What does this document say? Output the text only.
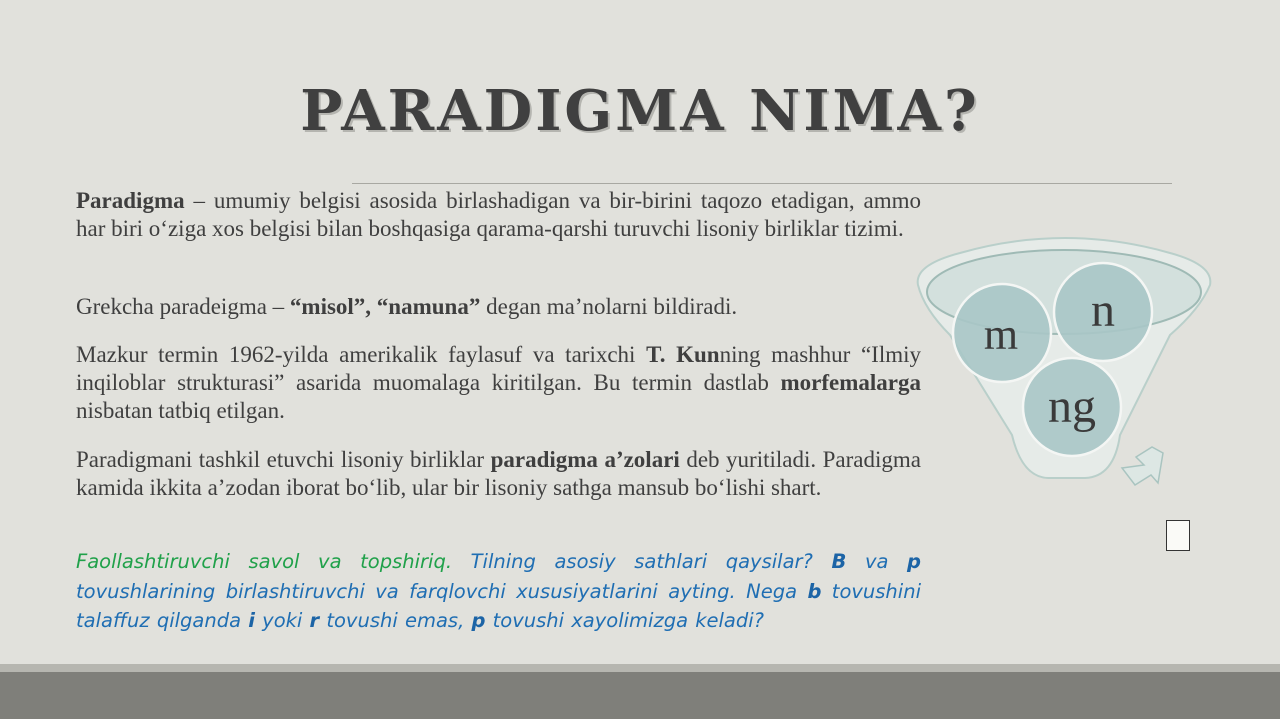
PARADIGMA NIMA?

Paradigma – umumiy belgisi asosida birlashadigan va bir-birini taqozo etadigan, ammo har biri o‘ziga xos belgisi bilan boshqasiga qarama-qarshi turuvchi lisoniy birliklar tizimi.

Grekcha paradeigma – “misol”, “namuna” degan ma’nolarni bildiradi.

Mazkur termin 1962-yilda amerikalik faylasuf va tarixchi T. Kunning mashhur “Ilmiy inqiloblar strukturasi” asarida muomalaga kiritilgan. Bu termin dastlab morfemalarga nisbatan tatbiq etilgan.

Paradigmani tashkil etuvchi lisoniy birliklar paradigma a’zolari deb yuritiladi. Paradigma kamida ikkita a’zodan iborat bo‘lib, ular bir lisoniy sathga mansub bo‘lishi shart.

Faollashtiruvchi savol va topshiriq. Tilning asosiy sathlari qaysilar? B va p tovushlarining birlashtiruvchi va farqlovchi xususiyatlarini ayting. Nega b tovushini talaffuz qilganda i yoki r tovushi emas, p tovushi xayolimizga keladi?

m n
ng
